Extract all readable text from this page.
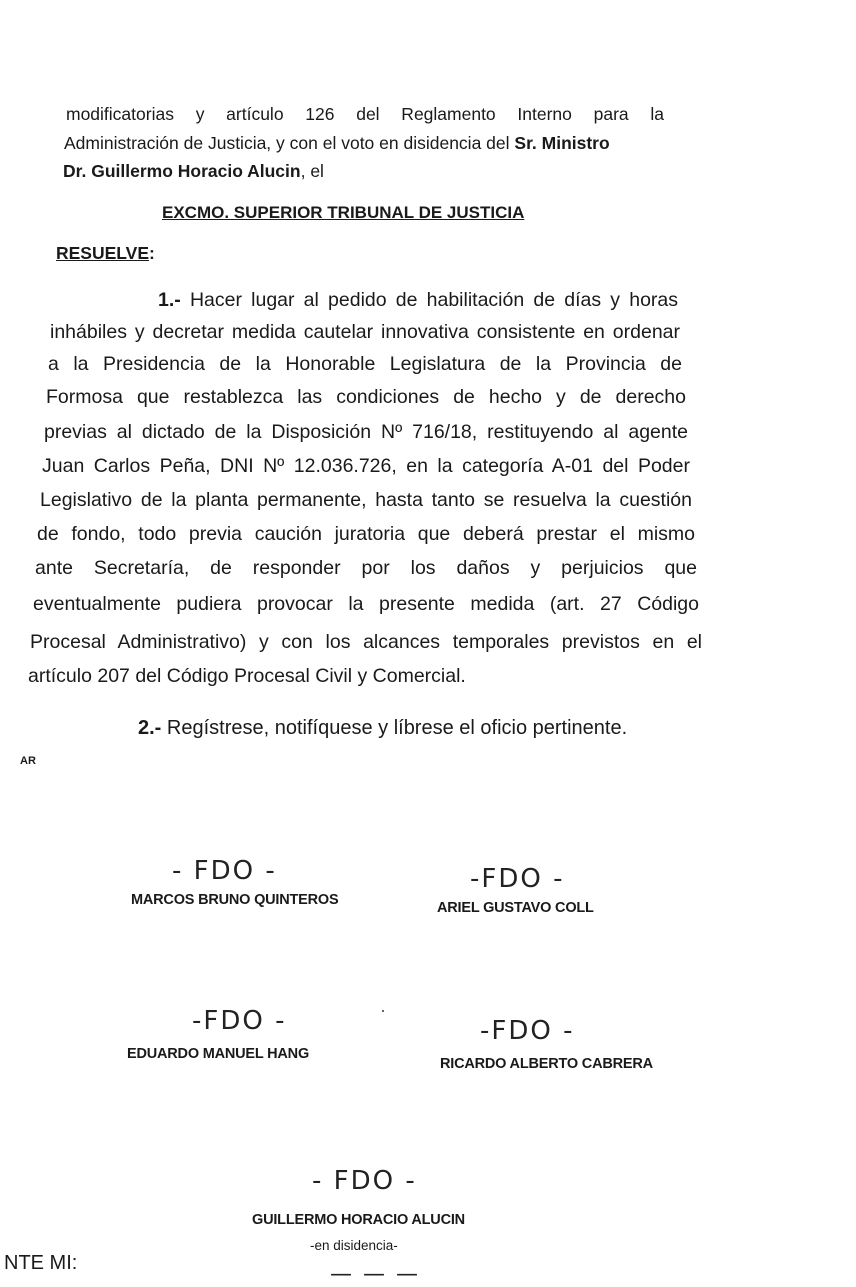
modificatorias y artículo 126 del Reglamento Interno para la
Administración de Justicia, y con el voto en disidencia del Sr. Ministro
Dr. Guillermo Horacio Alucin, el
EXCMO. SUPERIOR TRIBUNAL DE JUSTICIA
RESUELVE:
1.- Hacer lugar al pedido de habilitación de días y horas
inhábiles y decretar medida cautelar innovativa consistente en ordenar
a la Presidencia de la Honorable Legislatura de la Provincia de
Formosa que restablezca las condiciones de hecho y de derecho
previas al dictado de la Disposición Nº 716/18, restituyendo al agente
Juan Carlos Peña, DNI Nº 12.036.726, en la categoría A-01 del Poder
Legislativo de la planta permanente, hasta tanto se resuelva la cuestión
de fondo, todo previa caución juratoria que deberá prestar el mismo
ante Secretaría, de responder por los daños y perjuicios que
eventualmente pudiera provocar la presente medida (art. 27 Código
Procesal Administrativo) y con los alcances temporales previstos en el
artículo 207 del Código Procesal Civil y Comercial.
2.- Regístrese, notifíquese y líbrese el oficio pertinente.
AR
- FDO -
MARCOS BRUNO QUINTEROS
-FDO -
ARIEL GUSTAVO COLL
-FDO -
EDUARDO MANUEL HANG
-FDO -
RICARDO ALBERTO CABRERA
- FDO -
GUILLERMO HORACIO ALUCIN
-en disidencia-
NTE MI:	— — —
